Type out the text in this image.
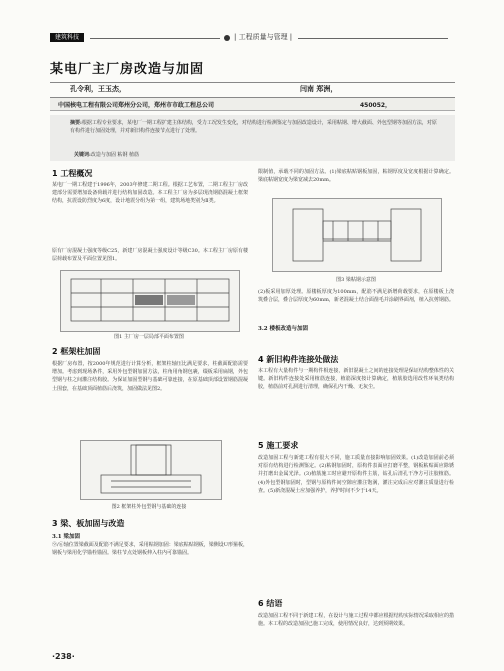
建筑科技	| 工程质量与管理 |
某电厂主厂房改造与加固
孔令利，王玉杰，	闫南 郑洲，
中国核电工程有限公司郑州分公司，郑州市市政工程总公司	450052，
摘要:根据工程专业要求，某电厂一期工程扩建主体结构，受力工况发生变化，对结构进行检测鉴定与加固改造设计，采用粘钢、增大截面、外包型钢等加固方法，对原有构件进行加固处理，并对新旧构件连接节点进行了处理。
关键词:改造与加固 粘钢 植筋
1 工程概况
某电厂一期工程建于1996年，2003年修建二期工程。根据工艺布置，二期工程主厂房改建部分需要增加设备荷载并进行结构加固改造。本工程主厂房为多层现浇钢筋混凝土框架结构，抗震设防烈度为6度，设计地震分组为第一组，建筑场地类别为Ⅱ类。
原有厂房混凝土强度等级C25，新建厂房混凝土强度设计等级C30。本工程主厂房原有楼层荷载布置及平面位置见图1。
图1 主厂房一层局部平面布置图
2 框架柱加固
根据厂房布置，按2000年规范进行计算分析，框架柱轴压比满足要求，柱截面配筋需要增加。考虑到现场条件，采用外包型钢加固方法，柱角用角钢包裹，缀板采用扁钢，外包型钢与柱之间灌注结构胶。为保证加固型钢与基础可靠连接，在原基础顶部设置钢筋混凝土围套，在基础顶面植筋后浇筑，加固做法见图2。
图2 框架柱外包型钢与基础的连接
3 梁、板加固与改造
3.1 梁加固
⑨/⑥轴位置梁截面及配筋不满足要求，采用粘钢加固：梁底粘贴钢板，梁侧设U形箍板，钢板与梁用化学锚栓锚固。梁柱节点处钢板伸入柱内可靠锚固。
限制值，承载不同的加固方法。(1)梁底粘贴钢板加固，粘钢厚度及宽度根据计算确定。梁底粘钢宽度为梁宽减去20mm。
图3 梁粘钢示意图
(2)板采用加厚处理。原楼板厚度为100mm，配筋不满足新增荷载要求，在原楼板上浇筑叠合层，叠合层厚度为60mm，新老混凝土结合面凿毛并涂刷界面剂，植入抗剪钢筋。
3.2 楼板改造与加固
4 新旧构件连接处做法
本工程有大量构件与一期构件相连接，新旧混凝土之间的连接处理是保证结构整体性的关键。新旧构件连接处采用植筋连接，植筋深度按计算确定，植筋胶选用改性环氧类结构胶，植筋前对孔洞进行清理，确保孔内干燥、无灰尘。
5 施工要求
改造加固工程与新建工程有很大不同，施工质量直接影响加固效果。(1)改造加固前必须对原有结构进行检测鉴定。(2)粘钢加固时，原构件表面应打磨平整，钢板粘贴面应除锈并打磨出金属光泽。(3)植筋施工时应避开原构件主筋，钻孔后清孔干净方可注胶植筋。(4)外包型钢加固时，型钢与原构件间空隙应灌注饱满，灌注完成后应对灌注质量进行检查。(5)新浇混凝土应加强养护，养护时间不少于14天。
6 结语
改造加固工程不同于新建工程，在设计与施工过程中都应根据结构实际情况采取相应的措施。本工程的改造加固已施工完成，使用情况良好，达到预期效果。
·238·
